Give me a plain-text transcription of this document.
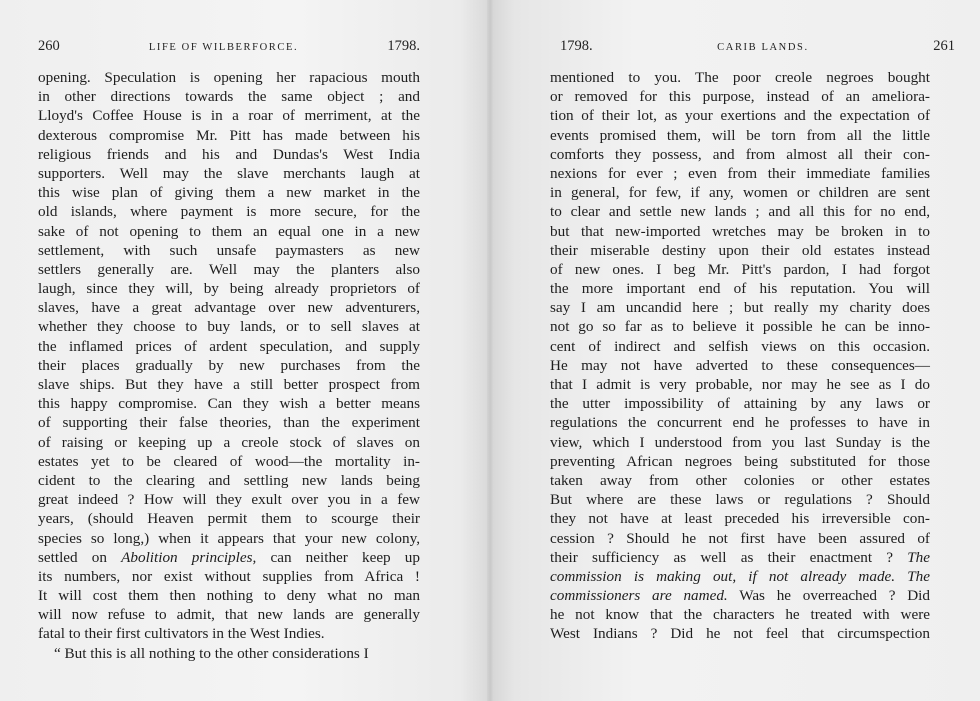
260	LIFE OF WILBERFORCE.	1798.
opening. Speculation is opening her rapacious mouth
in other directions towards the same object ; and
Lloyd's Coffee House is in a roar of merriment, at the
dexterous compromise Mr. Pitt has made between his
religious friends and his and Dundas's West India
supporters. Well may the slave merchants laugh at
this wise plan of giving them a new market in the
old islands, where payment is more secure, for the
sake of not opening to them an equal one in a new
settlement, with such unsafe paymasters as new
settlers generally are. Well may the planters also
laugh, since they will, by being already proprietors of
slaves, have a great advantage over new adventurers,
whether they choose to buy lands, or to sell slaves at
the inflamed prices of ardent speculation, and supply
their places gradually by new purchases from the
slave ships. But they have a still better prospect from
this happy compromise. Can they wish a better means
of supporting their false theories, than the experiment
of raising or keeping up a creole stock of slaves on
estates yet to be cleared of wood—the mortality in-
cident to the clearing and settling new lands being
great indeed ? How will they exult over you in a few
years, (should Heaven permit them to scourge their
species so long,) when it appears that your new colony,
settled on Abolition principles, can neither keep up
its numbers, nor exist without supplies from Africa !
It will cost them then nothing to deny what no man
will now refuse to admit, that new lands are generally
fatal to their first cultivators in the West Indies.
“ But this is all nothing to the other considerations I
1798.	CARIB LANDS.	261
mentioned to you. The poor creole negroes bought
or removed for this purpose, instead of an ameliora-
tion of their lot, as your exertions and the expectation of
events promised them, will be torn from all the little
comforts they possess, and from almost all their con-
nexions for ever ; even from their immediate families
in general, for few, if any, women or children are sent
to clear and settle new lands ; and all this for no end,
but that new-imported wretches may be broken in to
their miserable destiny upon their old estates instead
of new ones. I beg Mr. Pitt's pardon, I had forgot
the more important end of his reputation. You will
say I am uncandid here ; but really my charity does
not go so far as to believe it possible he can be inno-
cent of indirect and selfish views on this occasion.
He may not have adverted to these consequences—
that I admit is very probable, nor may he see as I do
the utter impossibility of attaining by any laws or
regulations the concurrent end he professes to have in
view, which I understood from you last Sunday is the
preventing African negroes being substituted for those
taken away from other colonies or other estates
But where are these laws or regulations ? Should
they not have at least preceded his irreversible con-
cession ? Should he not first have been assured of
their sufficiency as well as their enactment ? The
commission is making out, if not already made. The
commissioners are named. Was he overreached ? Did
he not know that the characters he treated with were
West Indians ? Did he not feel that circumspection
